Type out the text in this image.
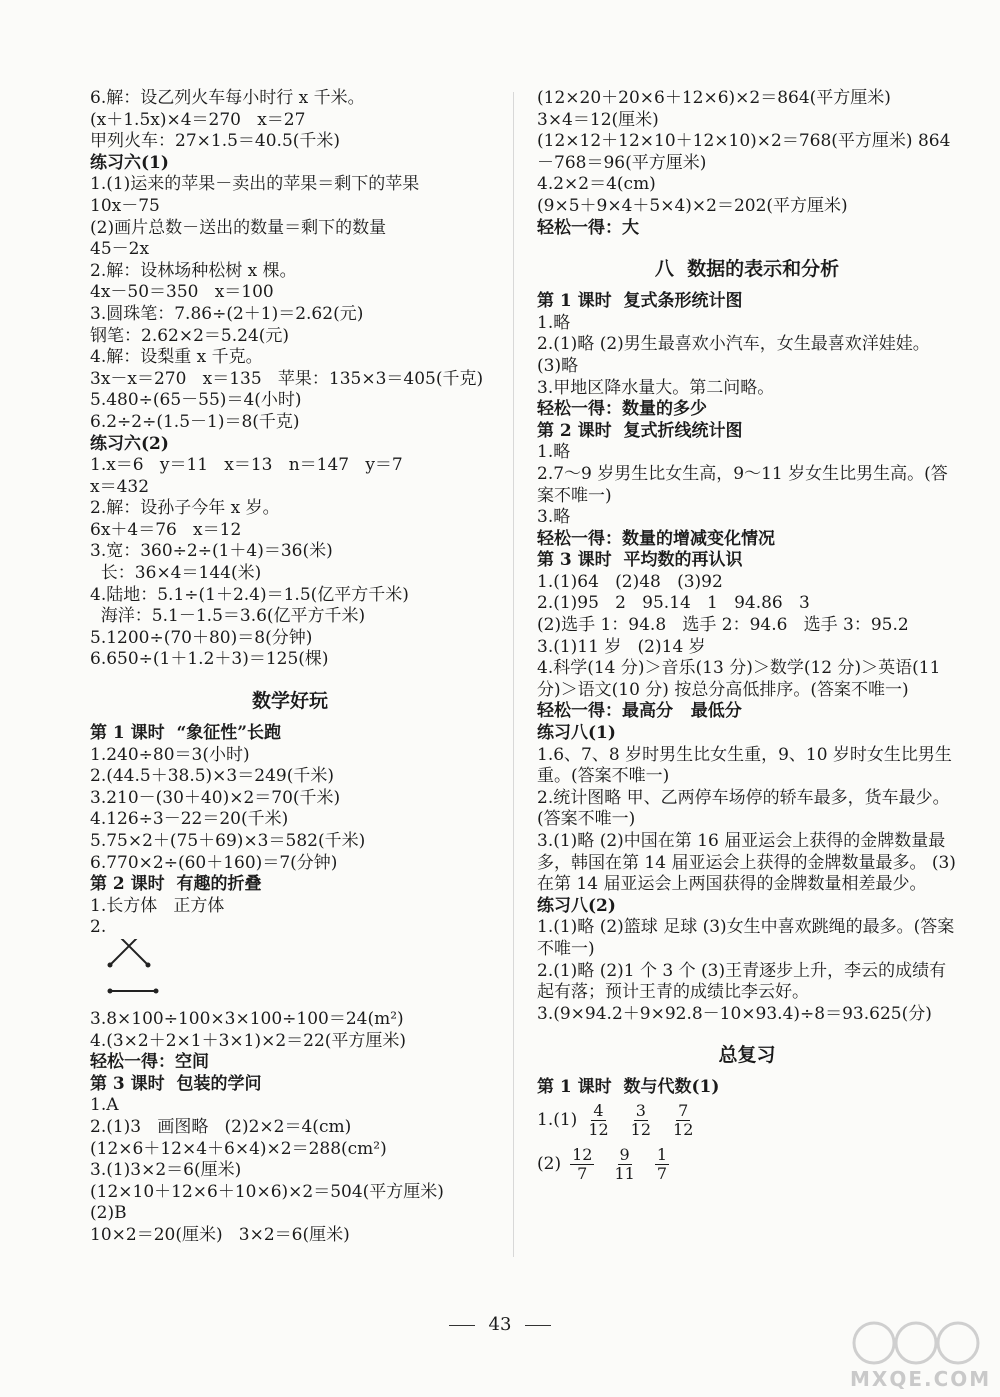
6.解：设乙列火车每小时行 x 千米。
(x＋1.5x)×4＝270   x＝27
甲列火车：27×1.5＝40.5(千米)
练习六(1)
1.(1)运来的苹果－卖出的苹果＝剩下的苹果
10x－75
(2)画片总数－送出的数量＝剩下的数量
45－2x
2.解：设林场种松树 x 棵。
4x－50＝350   x＝100
3.圆珠笔：7.86÷(2＋1)＝2.62(元)
钢笔：2.62×2＝5.24(元)
4.解：设梨重 x 千克。
3x－x＝270   x＝135   苹果：135×3＝405(千克)
5.480÷(65－55)＝4(小时)
6.2÷2÷(1.5－1)＝8(千克)
练习六(2)
1.x＝6   y＝11   x＝13   n＝147   y＝7
x＝432
2.解：设孙子今年 x 岁。
6x＋4＝76   x＝12
3.宽：360÷2÷(1＋4)＝36(米)
长：36×4＝144(米)
4.陆地：5.1÷(1＋2.4)＝1.5(亿平方千米)
海洋：5.1－1.5＝3.6(亿平方千米)
5.1200÷(70＋80)＝8(分钟)
6.650÷(1＋1.2＋3)＝125(棵)
数学好玩
第 1 课时  “象征性”长跑
1.240÷80＝3(小时)
2.(44.5＋38.5)×3＝249(千米)
3.210－(30＋40)×2＝70(千米)
4.126÷3－22＝20(千米)
5.75×2＋(75＋69)×3＝582(千米)
6.770×2÷(60＋160)＝7(分钟)
第 2 课时  有趣的折叠
1.长方体   正方体
2.
3.8×100÷100×3×100÷100＝24(m²)
4.(3×2＋2×1＋3×1)×2＝22(平方厘米)
轻松一得：空间
第 3 课时  包装的学问
1.A
2.(1)3   画图略   (2)2×2＝4(cm)
(12×6＋12×4＋6×4)×2＝288(cm²)
3.(1)3×2＝6(厘米)
(12×10＋12×6＋10×6)×2＝504(平方厘米)
(2)B
10×2＝20(厘米)   3×2＝6(厘米)
(12×20＋20×6＋12×6)×2＝864(平方厘米)
3×4＝12(厘米)
(12×12＋12×10＋12×10)×2＝768(平方厘米) 864－768＝96(平方厘米)
4.2×2＝4(cm)
(9×5＋9×4＋5×4)×2＝202(平方厘米)
轻松一得：大
八  数据的表示和分析
第 1 课时  复式条形统计图
1.略
2.(1)略 (2)男生最喜欢小汽车，女生最喜欢洋娃娃。 (3)略
3.甲地区降水量大。第二问略。
轻松一得：数量的多少
第 2 课时  复式折线统计图
1.略
2.7～9 岁男生比女生高，9～11 岁女生比男生高。(答案不唯一)
3.略
轻松一得：数量的增减变化情况
第 3 课时  平均数的再认识
1.(1)64   (2)48   (3)92
2.(1)95   2   95.14   1   94.86   3
(2)选手 1：94.8   选手 2：94.6   选手 3：95.2
3.(1)11 岁   (2)14 岁
4.科学(14 分)＞音乐(13 分)＞数学(12 分)＞英语(11 分)＞语文(10 分) 按总分高低排序。(答案不唯一)
轻松一得：最高分   最低分
练习八(1)
1.6、7、8 岁时男生比女生重，9、10 岁时女生比男生重。(答案不唯一)
2.统计图略 甲、乙两停车场停的轿车最多，货车最少。(答案不唯一)
3.(1)略 (2)中国在第 16 届亚运会上获得的金牌数量最多，韩国在第 14 届亚运会上获得的金牌数量最多。 (3)在第 14 届亚运会上两国获得的金牌数量相差最少。
练习八(2)
1.(1)略 (2)篮球 足球 (3)女生中喜欢跳绳的最多。(答案不唯一)
2.(1)略 (2)1 个 3 个 (3)王青逐步上升，李云的成绩有起有落；预计王青的成绩比李云好。
3.(9×94.2＋9×92.8－10×93.4)÷8＝93.625(分)
总复习
第 1 课时  数与代数(1)
$1.(1) \frac{4}{12} \frac{3}{12} \frac{7}{12}$
$(2) \frac{12}{7} \frac{9}{11} \frac{1}{7}$
43
MXQE.COM
